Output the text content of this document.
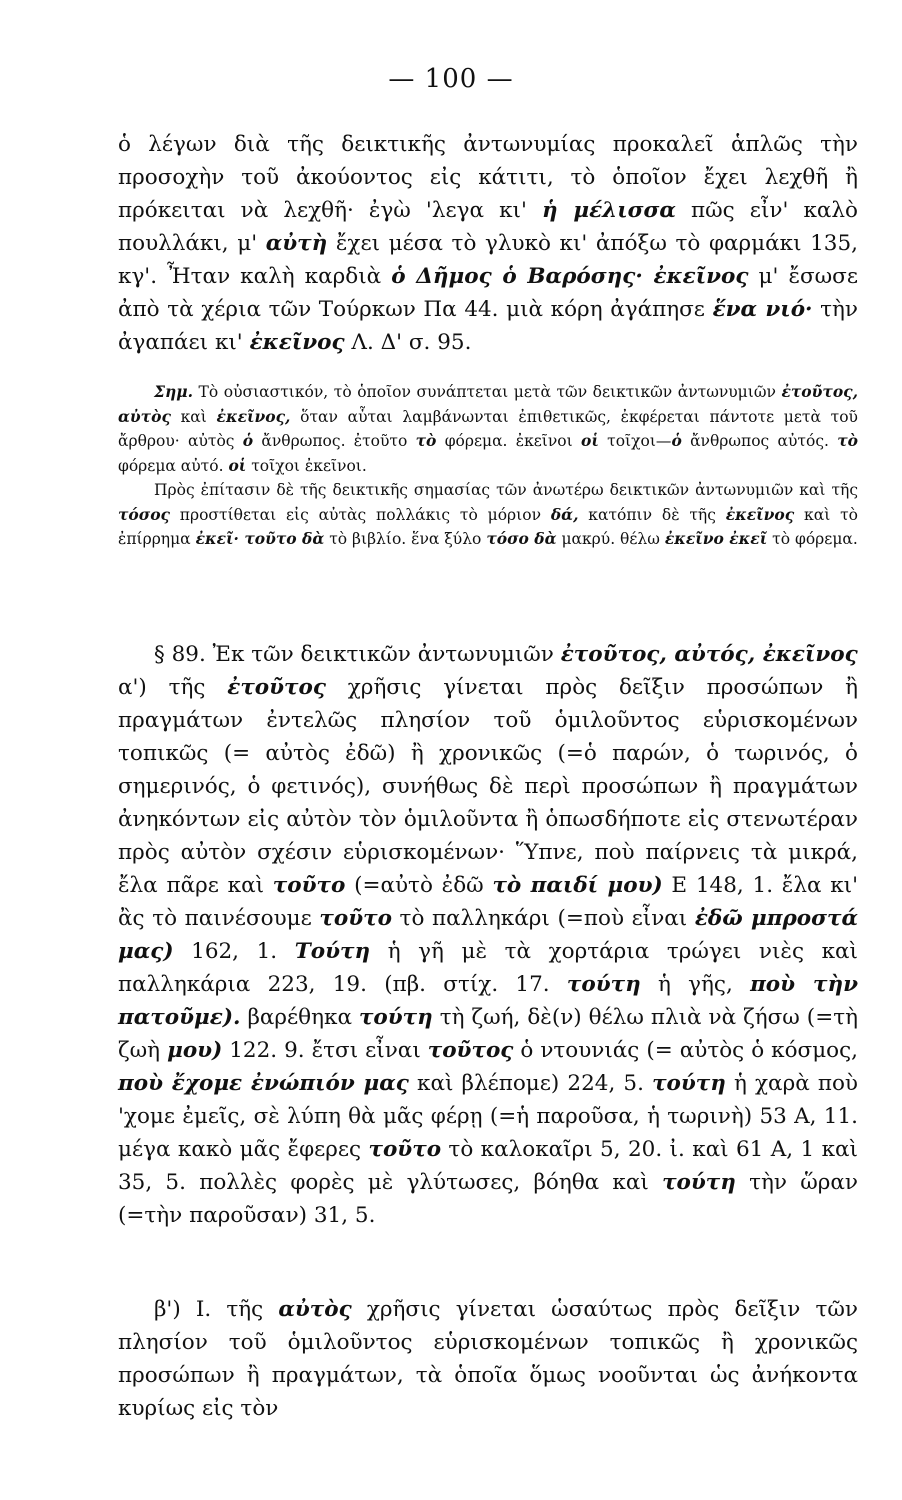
— 100 —

ὁ λέγων διὰ τῆς δεικτικῆς ἀντωνυμίας προκαλεῖ ἁπλῶς τὴν προσοχὴν τοῦ ἀκούοντος εἰς κάτιτι, τὸ ὁποῖον ἔχει λεχθῆ ἢ πρόκειται νὰ λεχθῆ· ἐγὼ 'λεγα κι' ἡ μέλισσα πῶς εἶν' καλὸ πουλλάκι, μ' αὐτὴ ἔχει μέσα τὸ γλυκὸ κι' ἀπόξω τὸ φαρμάκι 135, κγ'. Ἦταν καλὴ καρδιὰ ὁ Δῆμος ὁ Βαρόσης· ἐκεῖνος μ' ἔσωσε ἀπὸ τὰ χέρια τῶν Τούρκων Πα 44. μιὰ κόρη ἀγάπησε ἕνα νιό· τὴν ἀγαπάει κι' ἐκεῖνος Λ. Δ' σ. 95.

Σημ. Τὸ οὐσιαστικόν, τὸ ὁποῖον συνάπτεται μετὰ τῶν δεικτικῶν ἀντωνυμιῶν ἐτοῦτος, αὐτὸς καὶ ἐκεῖνος, ὅταν αὗται λαμβάνωνται ἐπιθετικῶς, ἐκφέρεται πάντοτε μετὰ τοῦ ἄρθρου· αὐτὸς ὁ ἄνθρωπος. ἐτοῦτο τὸ φόρεμα. ἐκεῖνοι οἱ τοῖχοι—ὁ ἄνθρωπος αὐτός. τὸ φόρεμα αὐτό. οἱ τοῖχοι ἐκεῖνοι.

Πρὸς ἐπίτασιν δὲ τῆς δεικτικῆς σημασίας τῶν ἀνωτέρω δεικτικῶν ἀντωνυμιῶν καὶ τῆς τόσος προστίθεται εἰς αὐτὰς πολλάκις τὸ μόριον δά, κατόπιν δὲ τῆς ἐκεῖνος καὶ τὸ ἐπίρρημα ἐκεῖ· τοῦτο δὰ τὸ βιβλίο. ἕνα ξύλο τόσο δὰ μακρύ. θέλω ἐκεῖνο ἐκεῖ τὸ φόρεμα.

§ 89. Ἐκ τῶν δεικτικῶν ἀντωνυμιῶν ἐτοῦτος, αὐτός, ἐκεῖνος

α') τῆς ἐτοῦτος χρῆσις γίνεται πρὸς δεῖξιν προσώπων ἢ πραγμάτων ἐντελῶς πλησίον τοῦ ὁμιλοῦντος εὑρισκομένων τοπικῶς (= αὐτὸς ἐδῶ) ἢ χρονικῶς (=ὁ παρών, ὁ τωρινός, ὁ σημερινός, ὁ φετινός), συνήθως δὲ περὶ προσώπων ἢ πραγμάτων ἀνηκόντων εἰς αὐτὸν τὸν ὁμιλοῦντα ἢ ὁπωσδήποτε εἰς στενωτέραν πρὸς αὐτὸν σχέσιν εὑρισκομένων· Ὕπνε, ποὺ παίρνεις τὰ μικρά, ἔλα πᾶρε καὶ τοῦτο (=αὐτὸ ἐδῶ τὸ παιδί μου) Ε 148, 1. ἔλα κι' ἂς τὸ παινέσουμε τοῦτο τὸ παλληκάρι (=ποὺ εἶναι ἐδῶ μπροστά μας) 162, 1. Τούτη ἡ γῆ μὲ τὰ χορτάρια τρώγει νιὲς καὶ παλληκάρια 223, 19. (πβ. στίχ. 17. τούτη ἡ γῆς, ποὺ τὴν πατοῦμε). βαρέθηκα τούτη τὴ ζωή, δὲ(ν) θέλω πλιὰ νὰ ζήσω (=τὴ ζωὴ μου) 122. 9. ἔτσι εἶναι τοῦτος ὁ ντουνιάς (= αὐτὸς ὁ κόσμος, ποὺ ἔχομε ἐνώπιόν μας καὶ βλέπομε) 224, 5. τούτη ἡ χαρὰ ποὺ 'χομε ἐμεῖς, σὲ λύπη θὰ μᾶς φέρῃ (=ἡ παροῦσα, ἡ τωρινὴ) 53 Α, 11. μέγα κακὸ μᾶς ἔφερες τοῦτο τὸ καλοκαῖρι 5, 20. ἰ. καὶ 61 Α, 1 καὶ 35, 5. πολλὲς φορὲς μὲ γλύτωσες, βόηθα καὶ τούτη τὴν ὥραν (=τὴν παροῦσαν) 31, 5.

β') Ι. τῆς αὐτὸς χρῆσις γίνεται ὡσαύτως πρὸς δεῖξιν τῶν πλησίον τοῦ ὁμιλοῦντος εὑρισκομένων τοπικῶς ἢ χρονικῶς προσώπων ἢ πραγμάτων, τὰ ὁποῖα ὅμως νοοῦνται ὡς ἀνήκοντα κυρίως εἰς τὸν
